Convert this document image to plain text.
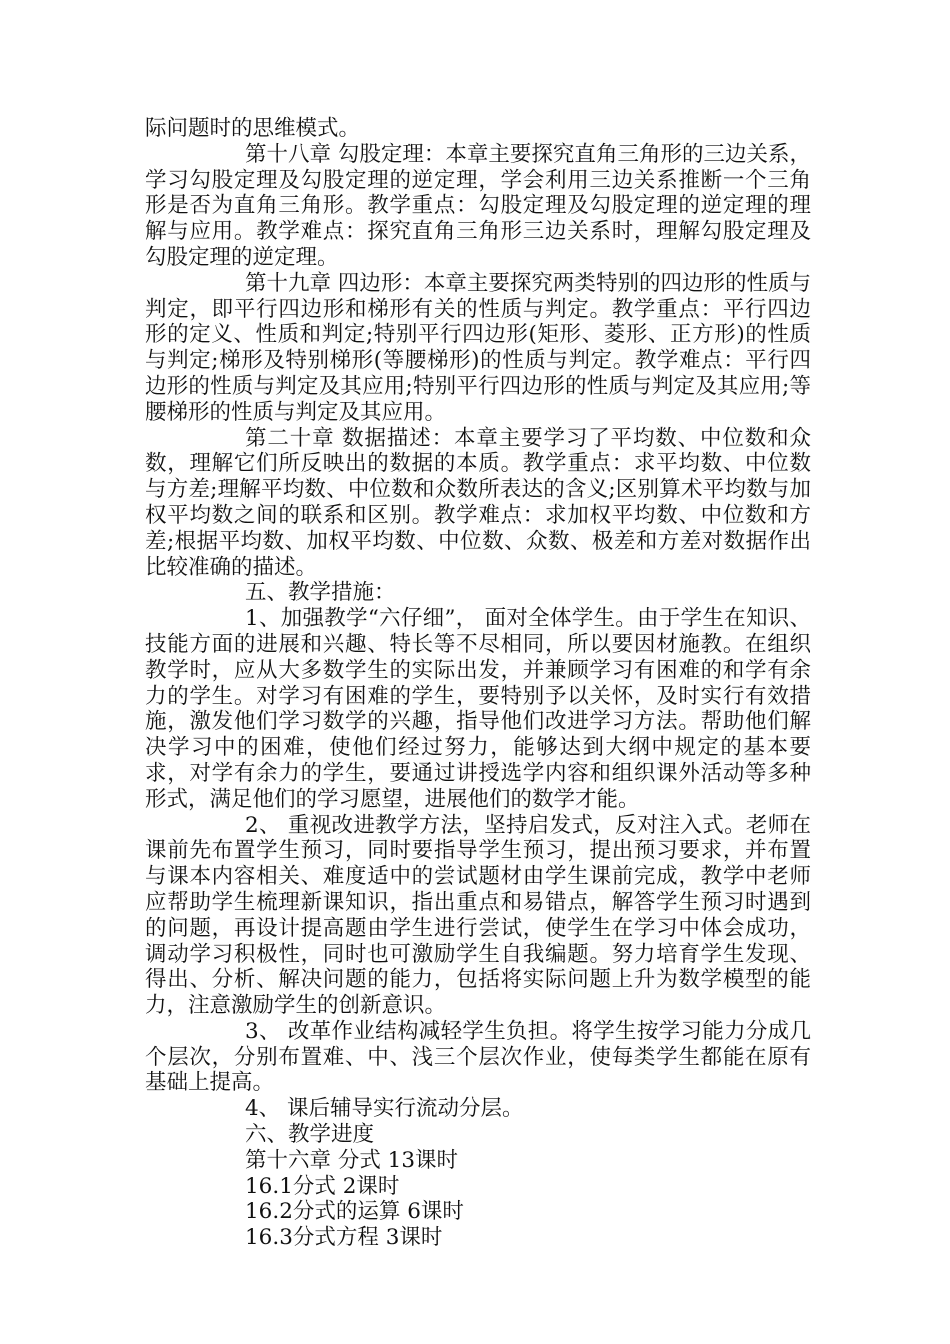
际问题时的思维模式。

第十八章 勾股定理：本章主要探究直角三角形的三边关系，学习勾股定理及勾股定理的逆定理，学会利用三边关系推断一个三角形是否为直角三角形。教学重点：勾股定理及勾股定理的逆定理的理解与应用。教学难点：探究直角三角形三边关系时，理解勾股定理及勾股定理的逆定理。

第十九章 四边形：本章主要探究两类特别的四边形的性质与判定，即平行四边形和梯形有关的性质与判定。教学重点：平行四边形的定义、性质和判定;特别平行四边形(矩形、菱形、正方形)的性质与判定;梯形及特别梯形(等腰梯形)的性质与判定。教学难点：平行四边形的性质与判定及其应用;特别平行四边形的性质与判定及其应用;等腰梯形的性质与判定及其应用。

第二十章 数据描述：本章主要学习了平均数、中位数和众数，理解它们所反映出的数据的本质。教学重点：求平均数、中位数与方差;理解平均数、中位数和众数所表达的含义;区别算术平均数与加权平均数之间的联系和区别。教学难点：求加权平均数、中位数和方差;根据平均数、加权平均数、中位数、众数、极差和方差对数据作出比较准确的描述。

五、教学措施：

1、加强教学“六仔细”， 面对全体学生。由于学生在知识、技能方面的进展和兴趣、特长等不尽相同，所以要因材施教。在组织教学时，应从大多数学生的实际出发，并兼顾学习有困难的和学有余力的学生。对学习有困难的学生，要特别予以关怀，及时实行有效措施，激发他们学习数学的兴趣，指导他们改进学习方法。帮助他们解决学习中的困难，使他们经过努力，能够达到大纲中规定的基本要求，对学有余力的学生，要通过讲授选学内容和组织课外活动等多种形式，满足他们的学习愿望，进展他们的数学才能。

2、 重视改进教学方法，坚持启发式，反对注入式。老师在课前先布置学生预习，同时要指导学生预习，提出预习要求，并布置与课本内容相关、难度适中的尝试题材由学生课前完成，教学中老师应帮助学生梳理新课知识，指出重点和易错点，解答学生预习时遇到的问题，再设计提高题由学生进行尝试，使学生在学习中体会成功，调动学习积极性，同时也可激励学生自我编题。努力培育学生发现、得出、分析、解决问题的能力，包括将实际问题上升为数学模型的能力，注意激励学生的创新意识。

3、 改革作业结构减轻学生负担。将学生按学习能力分成几个层次，分别布置难、中、浅三个层次作业，使每类学生都能在原有基础上提高。

4、 课后辅导实行流动分层。

六、教学进度

第十六章 分式 13课时

16.1分式 2课时

16.2分式的运算 6课时

16.3分式方程 3课时
